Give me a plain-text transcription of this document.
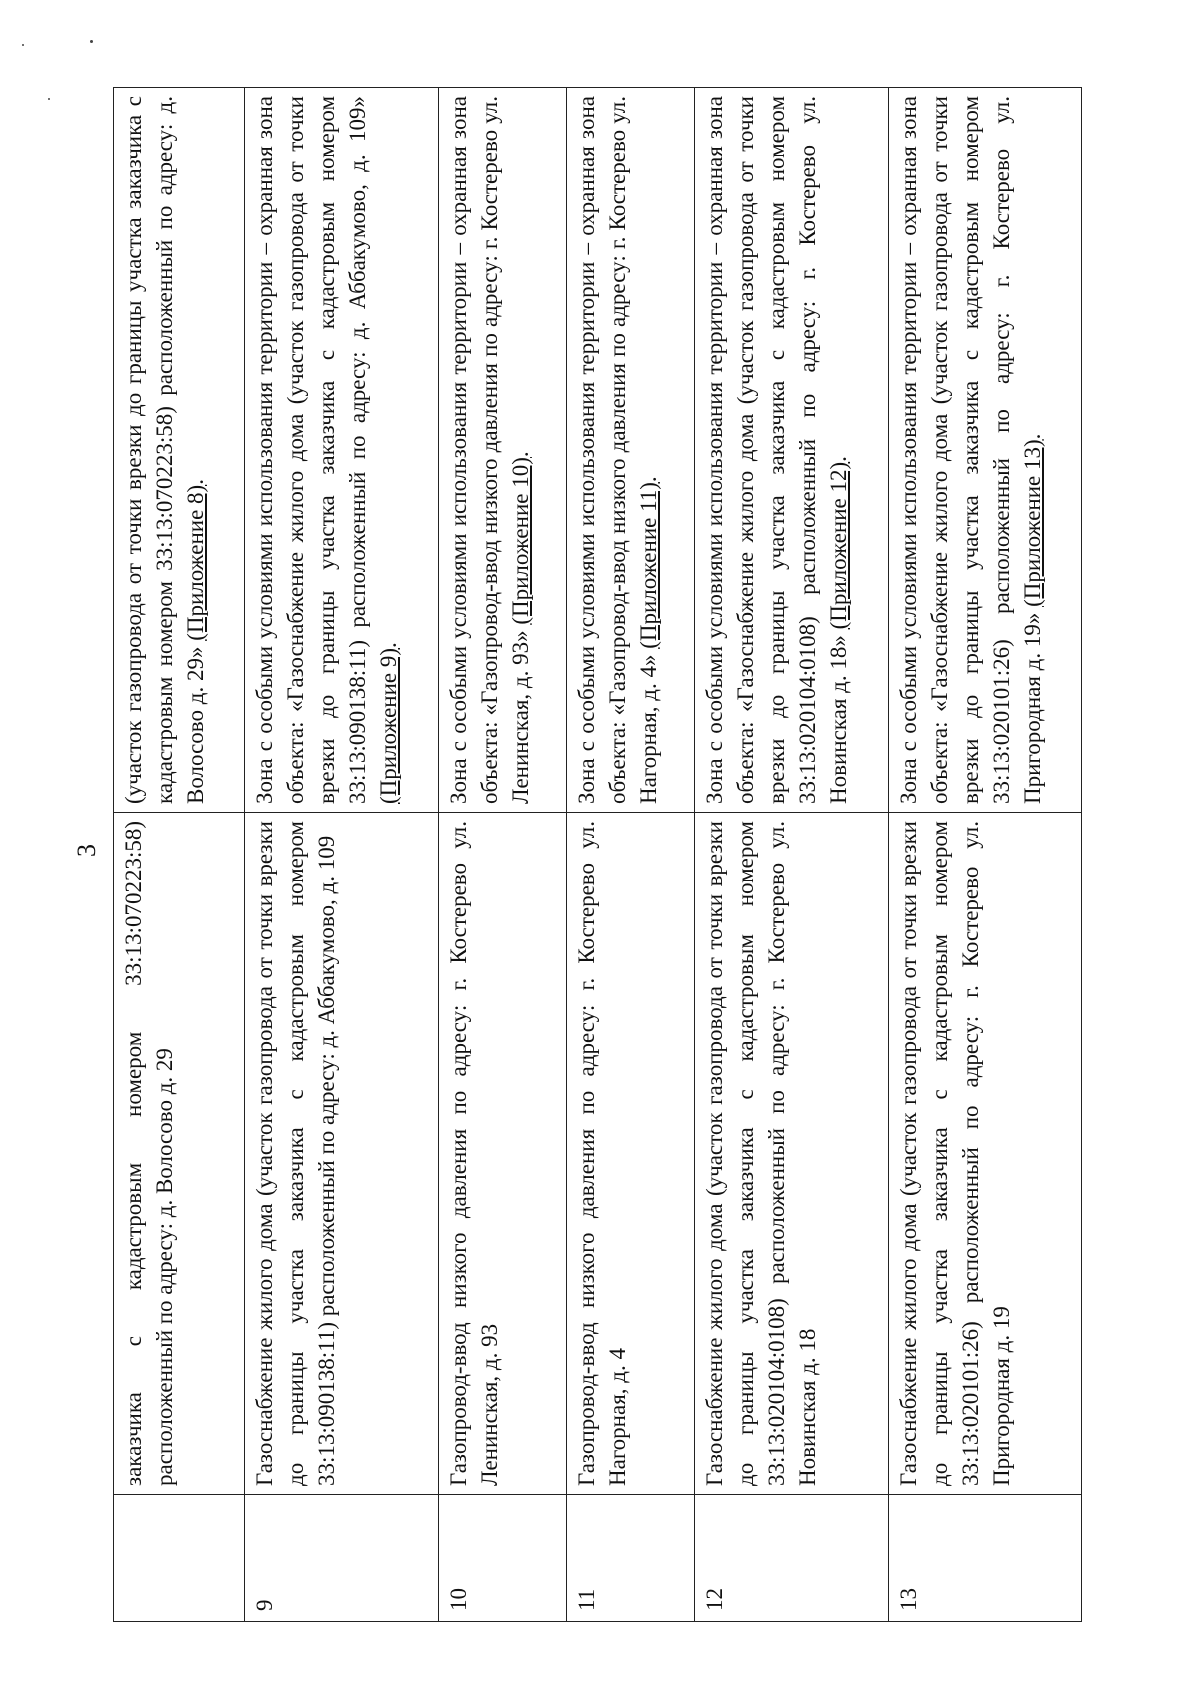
3
	заказчика с кадастровым номером 33:13:070223:58) расположенный по адресу: д. Волосово д. 29	(участок газопровода от точки врезки до границы участка заказчика с кадастровым номером 33:13:070223:58) расположенный по адресу: д. Волосово д. 29» (Приложение 8).
9	Газоснабжение жилого дома (участок газопровода от точки врезки до границы участка заказчика с кадастровым номером 33:13:090138:11) расположенный по адресу: д. Аббакумово, д. 109	Зона с особыми условиями использования территории – охранная зона объекта: «Газоснабжение жилого дома (участок газопровода от точки врезки до границы участка заказчика с кадастровым номером 33:13:090138:11) расположенный по адресу: д. Аббакумово, д. 109» (Приложение 9).
10	Газопровод-ввод низкого давления по адресу: г. Костерево ул. Ленинская, д. 93	Зона с особыми условиями использования территории – охранная зона объекта: «Газопровод-ввод низкого давления по адресу: г. Костерево ул. Ленинская, д. 93» (Приложение 10).
11	Газопровод-ввод низкого давления по адресу: г. Костерево ул. Нагорная, д. 4	Зона с особыми условиями использования территории – охранная зона объекта: «Газопровод-ввод низкого давления по адресу: г. Костерево ул. Нагорная, д. 4» (Приложение 11).
12	Газоснабжение жилого дома (участок газопровода от точки врезки до границы участка заказчика с кадастровым номером 33:13:020104:0108) расположенный по адресу: г. Костерево ул. Новинская д. 18	Зона с особыми условиями использования территории – охранная зона объекта: «Газоснабжение жилого дома (участок газопровода от точки врезки до границы участка заказчика с кадастровым номером 33:13:020104:0108) расположенный по адресу: г. Костерево ул. Новинская д. 18» (Приложение 12).
13	Газоснабжение жилого дома (участок газопровода от точки врезки до границы участка заказчика с кадастровым номером 33:13:020101:26) расположенный по адресу: г. Костерево ул. Пригородная д. 19	Зона с особыми условиями использования территории – охранная зона объекта: «Газоснабжение жилого дома (участок газопровода от точки врезки до границы участка заказчика с кадастровым номером 33:13:020101:26) расположенный по адресу: г. Костерево ул. Пригородная д. 19» (Приложение 13).
